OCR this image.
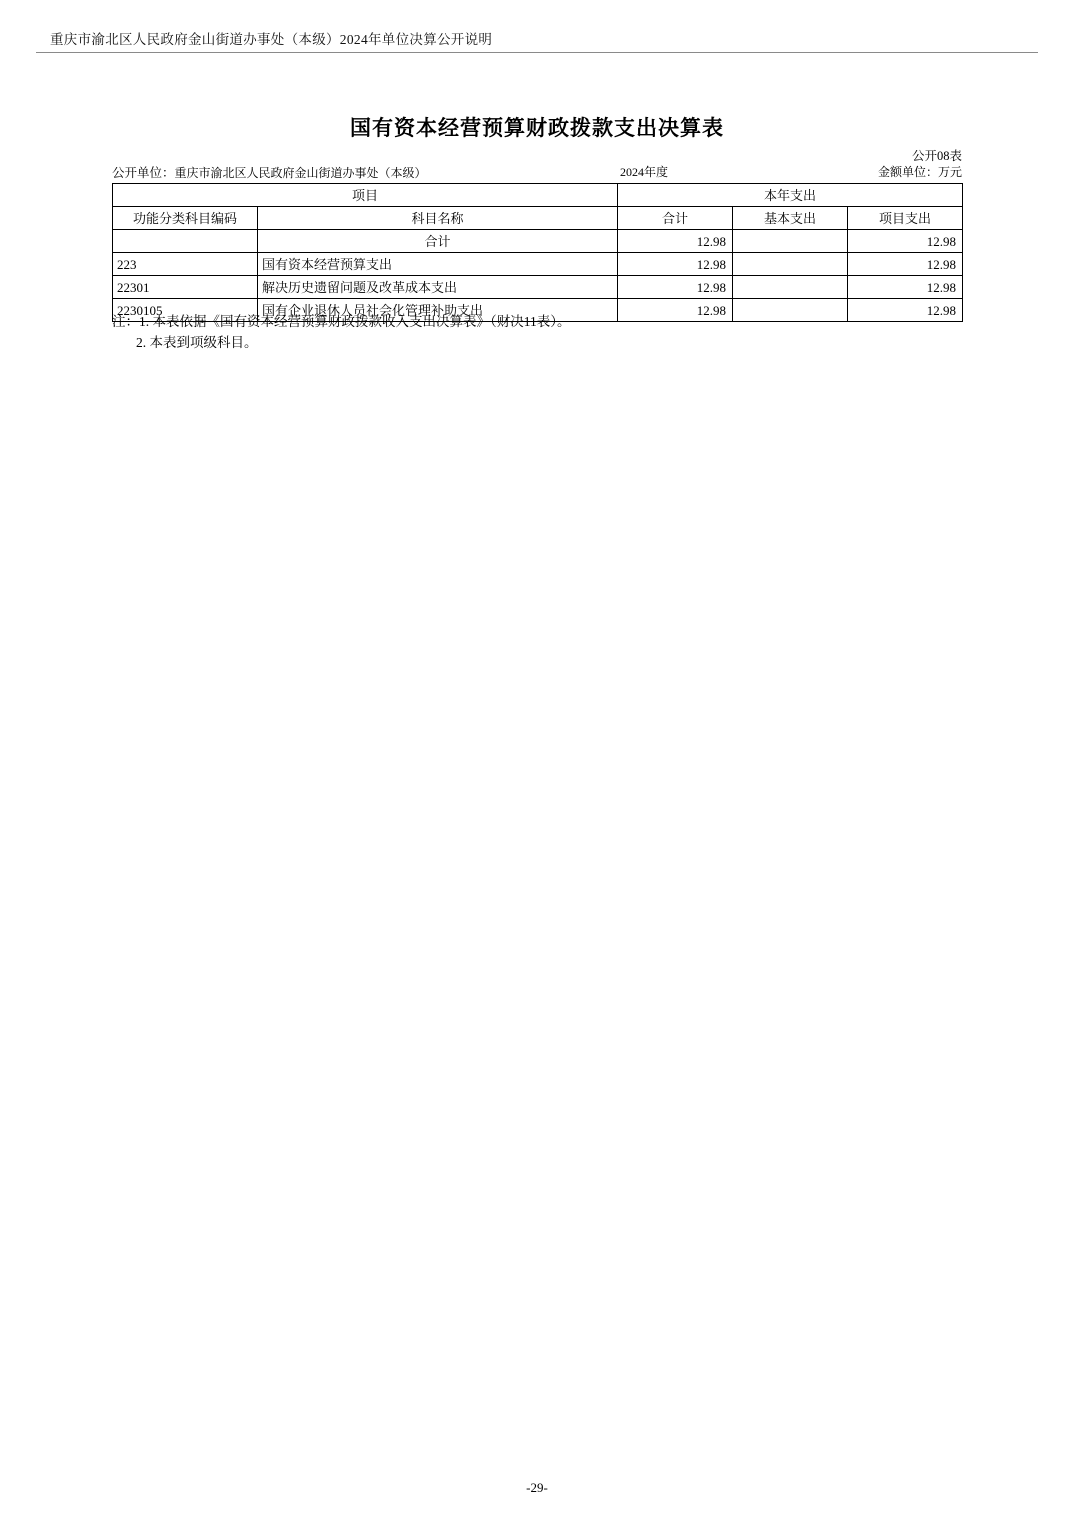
重庆市渝北区人民政府金山街道办事处（本级）2024年单位决算公开说明
国有资本经营预算财政拨款支出决算表
公开08表
公开单位：重庆市渝北区人民政府金山街道办事处（本级）	2024年度	金额单位：万元
项目		本年支出		
功能分类科目编码	科目名称	合计	基本支出	项目支出
	合计	12.98		12.98
223	国有资本经营预算支出	12.98		12.98
22301	解决历史遗留问题及改革成本支出	12.98		12.98
2230105	国有企业退休人员社会化管理补助支出	12.98		12.98
注：1. 本表依据《国有资本经营预算财政拨款收入支出决算表》（财决11表）。
2. 本表到项级科目。
-29-
